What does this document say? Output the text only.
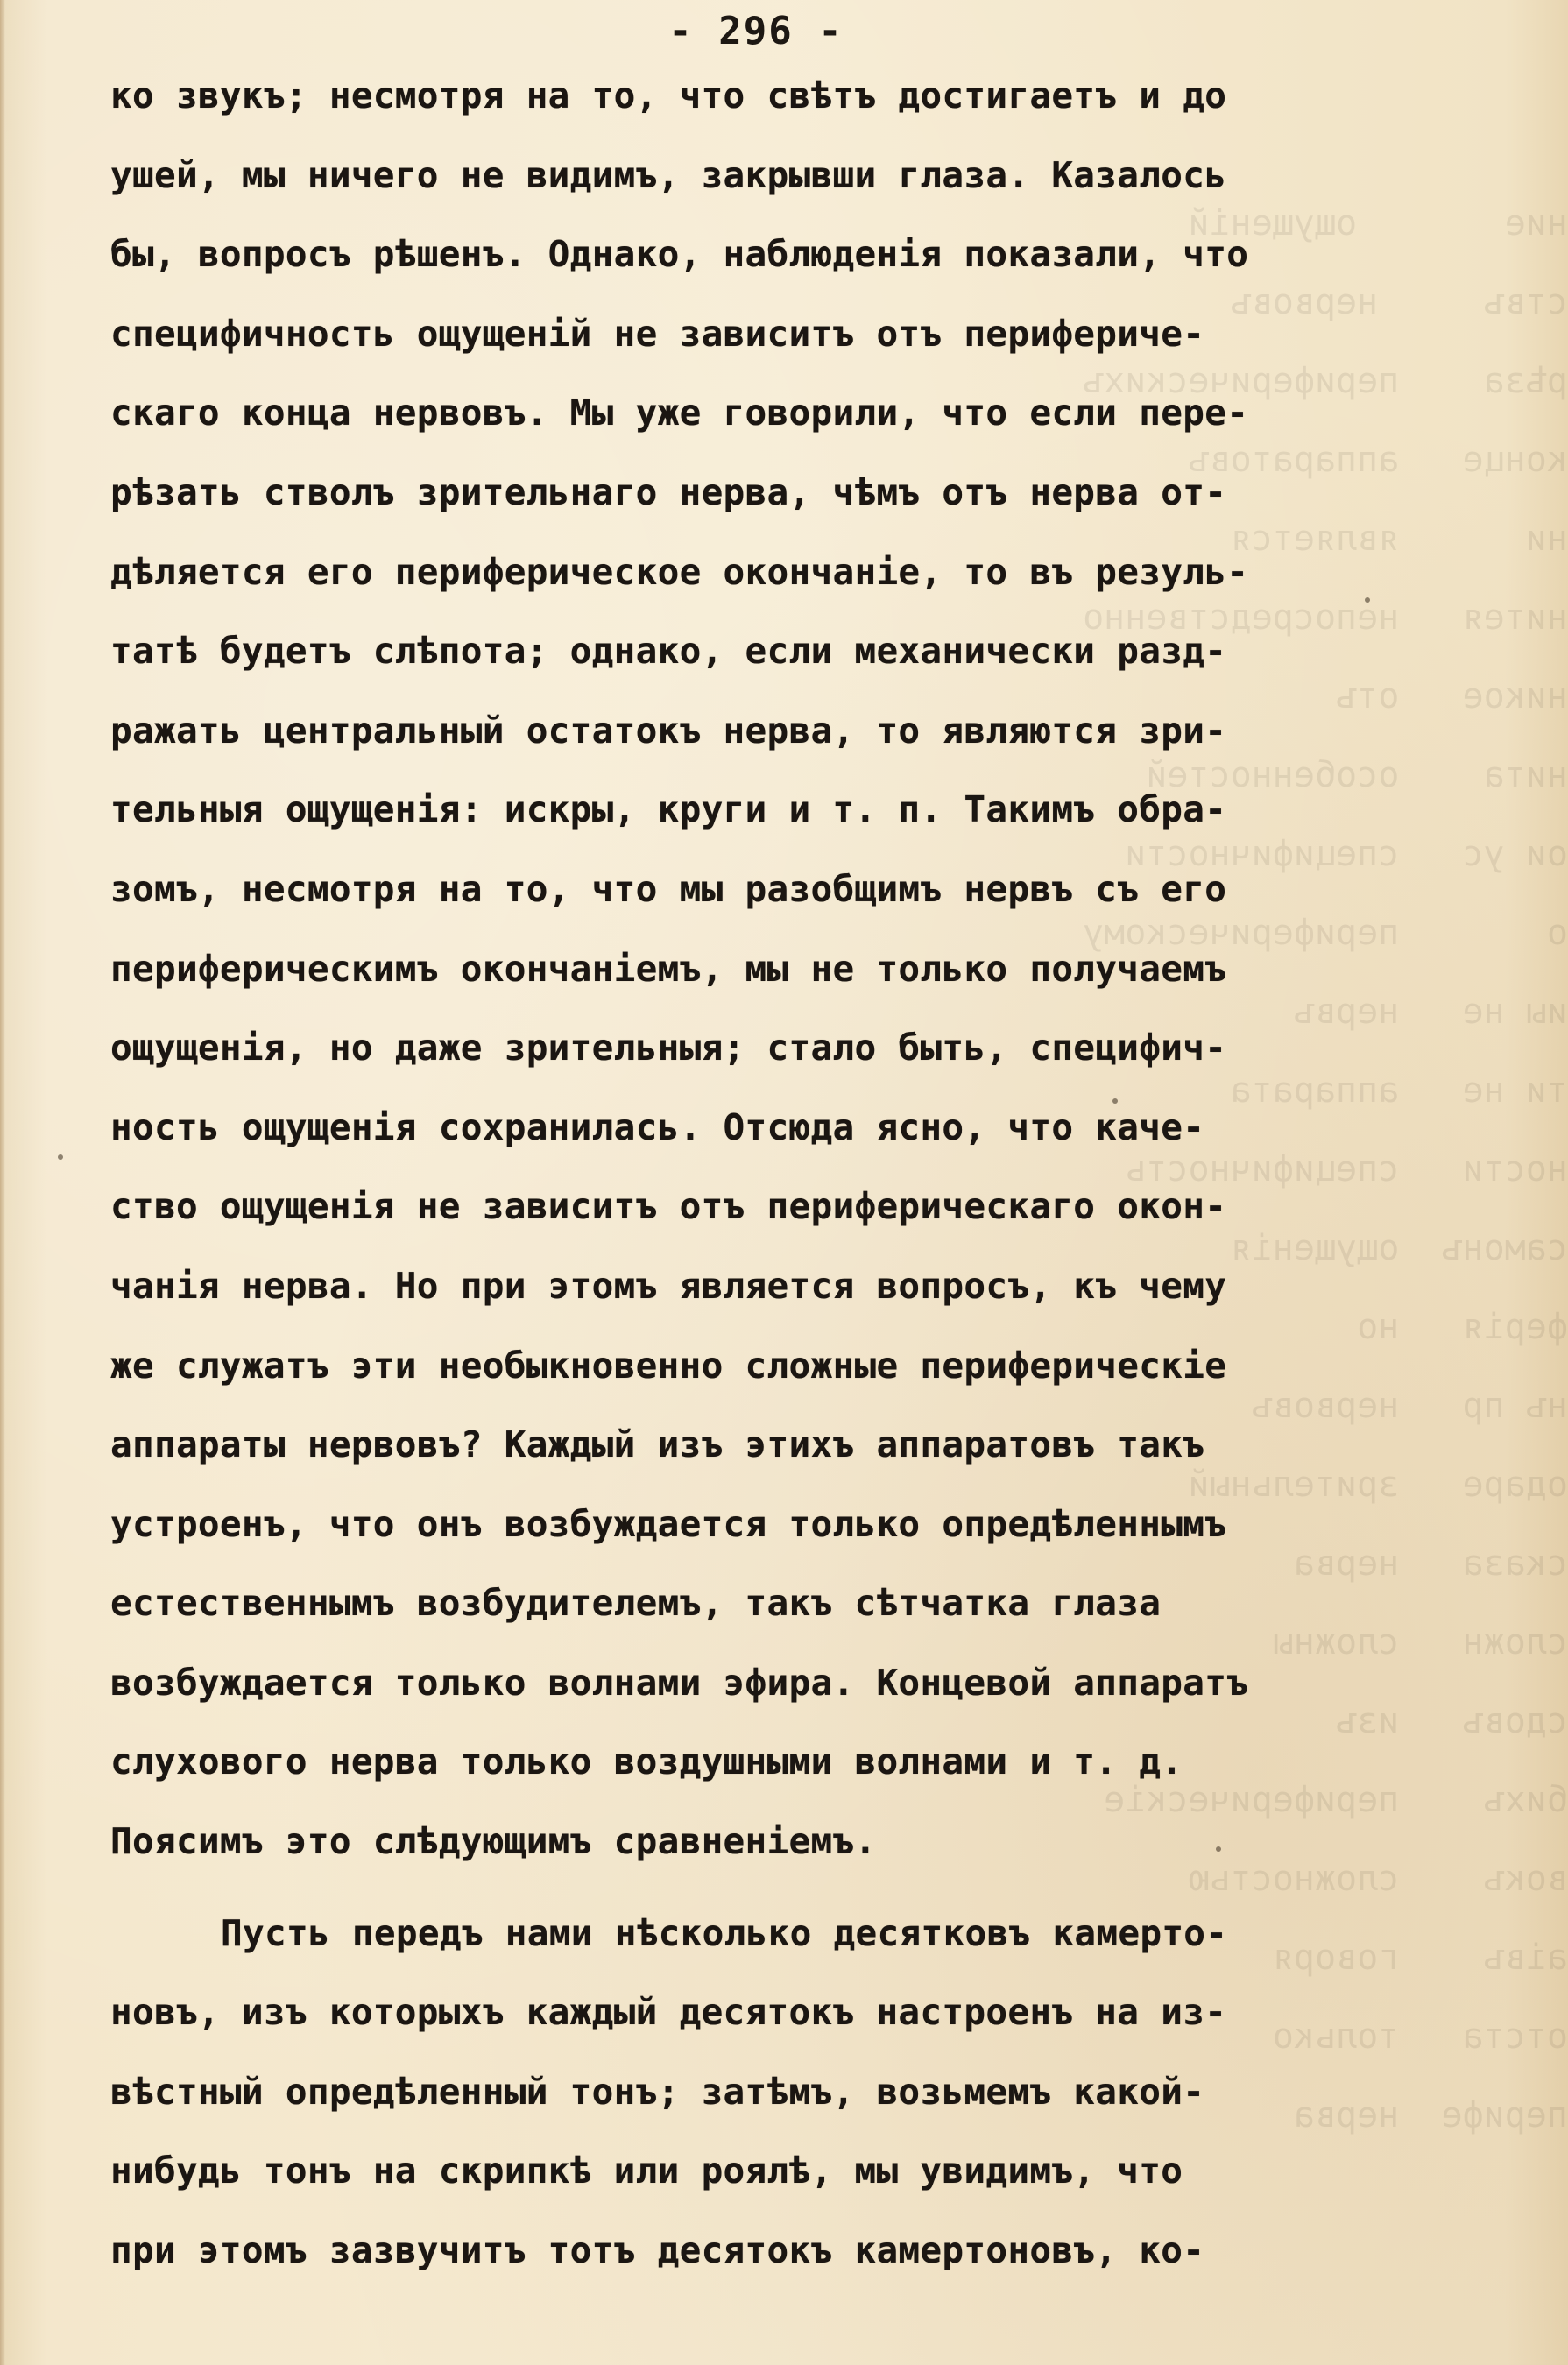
- 296 -
ниe       ощущеній
ствъ     нервовъ
рѣза    периферическихъ
конце   аппаратовъ
ни      является
нитея   непосредственно
никое   отъ
нитa    особенностей
ои ус   специфичности
о       периферическому
иы не   нервъ
ти не   аппарата
ности   специфичность
самонъ  ощущенія
ферія   но
нъ пр   нервовъ
одарe   зрительный
сказa   нерва
сложн   сложны
сдовъ   изъ
бихъ    периферическіе
вокъ    сложностью
аівъ    говоря
отста   только
перифе  нерва
ко звукъ; несмотря на то, что свѣтъ достигаетъ и до
ушей, мы ничего не видимъ, закрывши глаза. Казалось
бы, вопросъ рѣшенъ. Однако, наблюденія показали, что
специфичность ощущеній не зависитъ отъ перифериче-
скаго конца нервовъ. Мы уже говорили, что если пере-
рѣзать стволъ зрительнаго нерва, чѣмъ отъ нерва от-
дѣляется его периферическое окончаніе, то въ резуль-
татѣ будетъ слѣпота; однако, если механически разд-
ражать центральный остатокъ нерва, то являются зри-
тельныя ощущенія: искры, круги и т. п. Такимъ обра-
зомъ, несмотря на то, что мы разобщимъ нервъ съ его
периферическимъ окончаніемъ, мы не только получаемъ
ощущенія, но даже зрительныя; стало быть, специфич-
ность ощущенія сохранилась. Отсюда ясно, что каче-
ство ощущенія не зависитъ отъ периферическаго окон-
чанія нерва. Но при этомъ является вопросъ, къ чему
же служатъ эти необыкновенно сложные периферическіе
аппараты нервовъ? Каждый изъ этихъ аппаратовъ такъ
устроенъ, что онъ возбуждается только опредѣленнымъ
естественнымъ возбудителемъ, такъ сѣтчатка глаза
возбуждается только волнами эфира. Концевой аппаратъ
слухового нерва только воздушными волнами и т. д.
Поясимъ это слѣдующимъ сравненіемъ.
Пусть передъ нами нѣсколько десятковъ камерто-
новъ, изъ которыхъ каждый десятокъ настроенъ на из-
вѣстный опредѣленный тонъ; затѣмъ, возьмемъ какой-
нибудь тонъ на скрипкѣ или роялѣ, мы увидимъ, что
при этомъ зазвучитъ тотъ десятокъ камертоновъ, ко-
